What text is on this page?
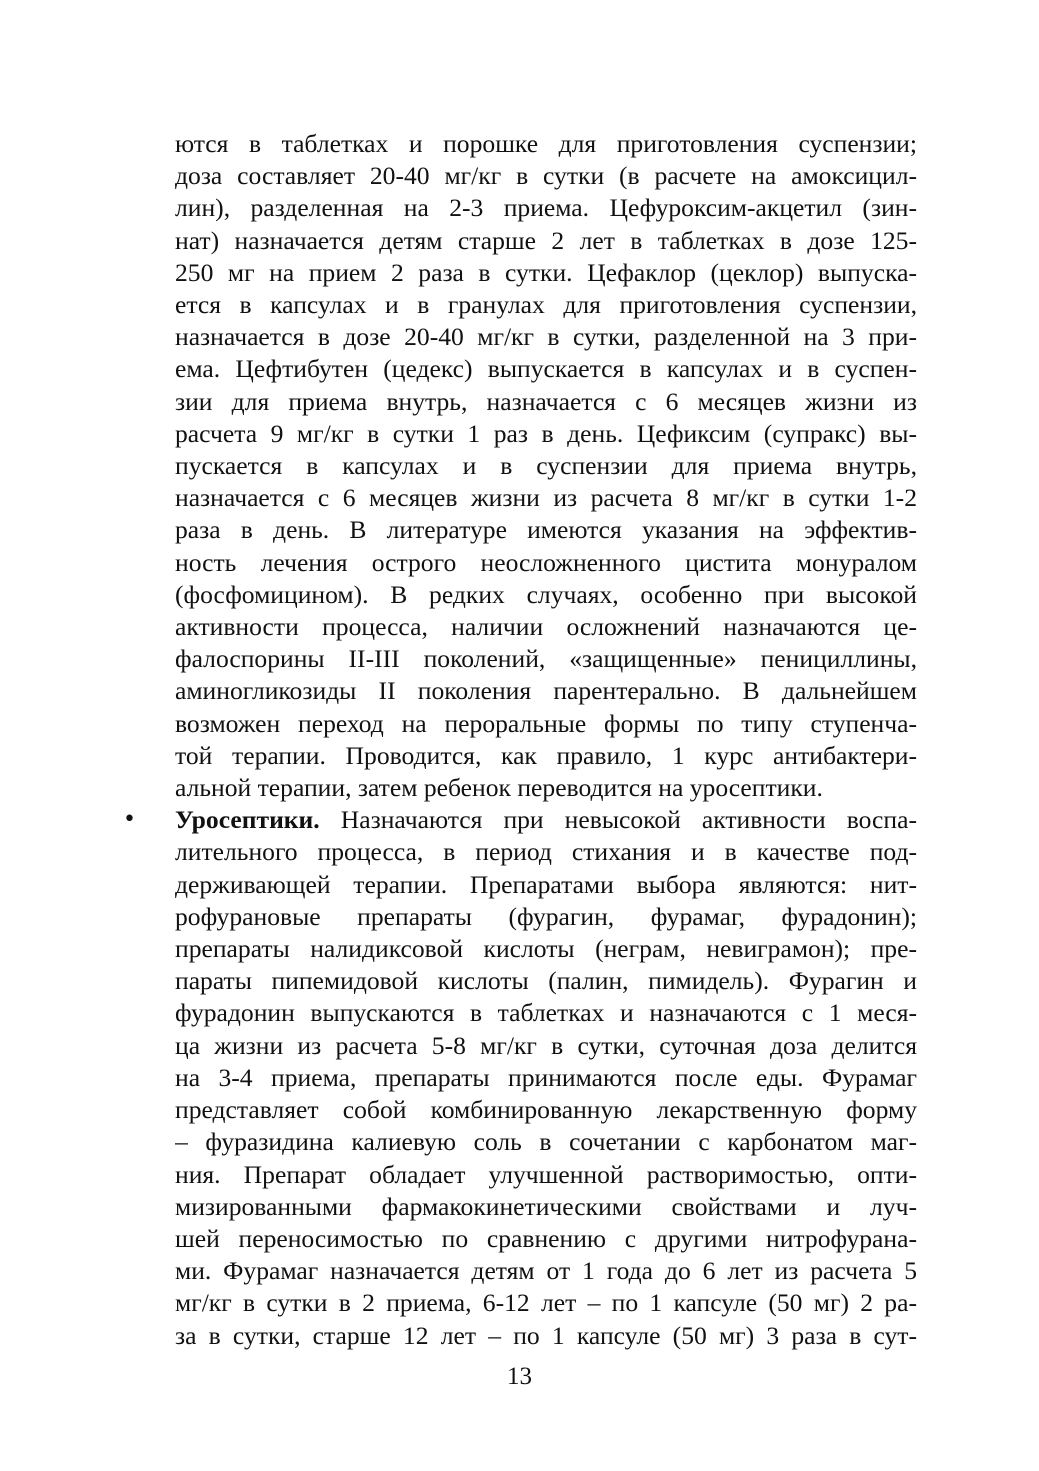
ются в таблетках и порошке для приготовления суспензии;
доза составляет 20-40 мг/кг в сутки (в расчете на амоксицил-
лин), разделенная на 2-3 приема. Цефуроксим-акцетил (зин-
нат) назначается детям старше 2 лет в таблетках в дозе 125-
250 мг на прием 2 раза в сутки. Цефаклор (цеклор) выпуска-
ется в капсулах и в гранулах для приготовления суспензии,
назначается в дозе 20-40 мг/кг в сутки, разделенной на 3 при-
ема. Цефтибутен (цедекс) выпускается в капсулах и в суспен-
зии для приема внутрь, назначается с 6 месяцев жизни из
расчета 9 мг/кг в сутки 1 раз в день. Цефиксим (супракс) вы-
пускается в капсулах и в суспензии для приема внутрь,
назначается с 6 месяцев жизни из расчета 8 мг/кг в сутки 1-2
раза в день. В литературе имеются указания на эффектив-
ность лечения острого неосложненного цистита монуралом
(фосфомицином). В редких случаях, особенно при высокой
активности процесса, наличии осложнений назначаются це-
фалоспорины II-III поколений, «защищенные» пенициллины,
аминогликозиды II поколения парентерально. В дальнейшем
возможен переход на пероральные формы по типу ступенча-
той терапии. Проводится, как правило, 1 курс антибактери-
альной терапии, затем ребенок переводится на уросептики.
• Уросептики. Назначаются при невысокой активности воспа-
лительного процесса, в период стихания и в качестве под-
держивающей терапии. Препаратами выбора являются: нит-
рофурановые препараты (фурагин, фурамаг, фурадонин);
препараты налидиксовой кислоты (неграм, невиграмон); пре-
параты пипемидовой кислоты (палин, пимидель). Фурагин и
фурадонин выпускаются в таблетках и назначаются с 1 меся-
ца жизни из расчета 5-8 мг/кг в сутки, суточная доза делится
на 3-4 приема, препараты принимаются после еды. Фурамаг
представляет собой комбинированную лекарственную форму
– фуразидина калиевую соль в сочетании с карбонатом маг-
ния. Препарат обладает улучшенной растворимостью, опти-
мизированными фармакокинетическими свойствами и луч-
шей переносимостью по сравнению с другими нитрофурана-
ми. Фурамаг назначается детям от 1 года до 6 лет из расчета 5
мг/кг в сутки в 2 приема, 6-12 лет – по 1 капсуле (50 мг) 2 ра-
за в сутки, старше 12 лет – по 1 капсуле (50 мг) 3 раза в сут-
13
